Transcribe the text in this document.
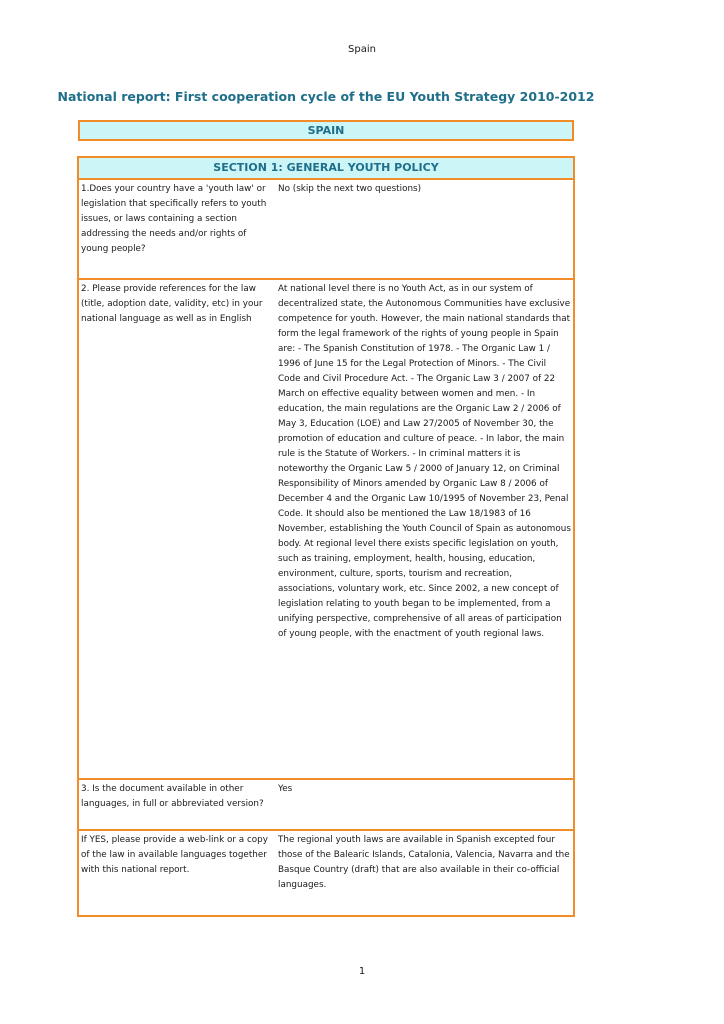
Spain
National report: First cooperation cycle of the EU Youth Strategy 2010-2012
SPAIN
SECTION 1: GENERAL YOUTH POLICY
1.Does your country have a 'youth law' or legislation that specifically refers to youth issues, or laws containing a section addressing the needs and/or rights of young people?
No (skip the next two questions)
2. Please provide references for the law (title, adoption date, validity, etc) in your national language as well as in English
At national level there is no Youth Act, as in our system of decentralized state, the Autonomous Communities have exclusive competence for youth. However, the main national standards that form the legal framework of the rights of young people in Spain are: - The Spanish Constitution of 1978. - The Organic Law 1 / 1996 of June 15 for the Legal Protection of Minors. - The Civil Code and Civil Procedure Act. - The Organic Law 3 / 2007 of 22 March on effective equality between women and men. - In education, the main regulations are the Organic Law 2 / 2006 of May 3, Education (LOE) and Law 27/2005 of November 30, the promotion of education and culture of peace. - In labor, the main rule is the Statute of Workers. - In criminal matters it is noteworthy the Organic Law 5 / 2000 of January 12, on Criminal Responsibility of Minors amended by Organic Law 8 / 2006 of December 4 and the Organic Law 10/1995 of November 23, Penal Code. It should also be mentioned the Law 18/1983 of 16 November, establishing the Youth Council of Spain as autonomous body. At regional level there exists specific legislation on youth, such as training, employment, health, housing, education, environment, culture, sports, tourism and recreation, associations, voluntary work, etc. Since 2002, a new concept of legislation relating to youth began to be implemented, from a unifying perspective, comprehensive of all areas of participation of young people, with the enactment of youth regional laws.
3. Is the document available in other languages, in full or abbreviated version?
Yes
If YES, please provide a web-link or a copy of the law in available languages together with this national report.
The regional youth laws are available in Spanish excepted four those of the Balearic Islands, Catalonia, Valencia, Navarra and the Basque Country (draft) that are also available in their co-official languages.
1
